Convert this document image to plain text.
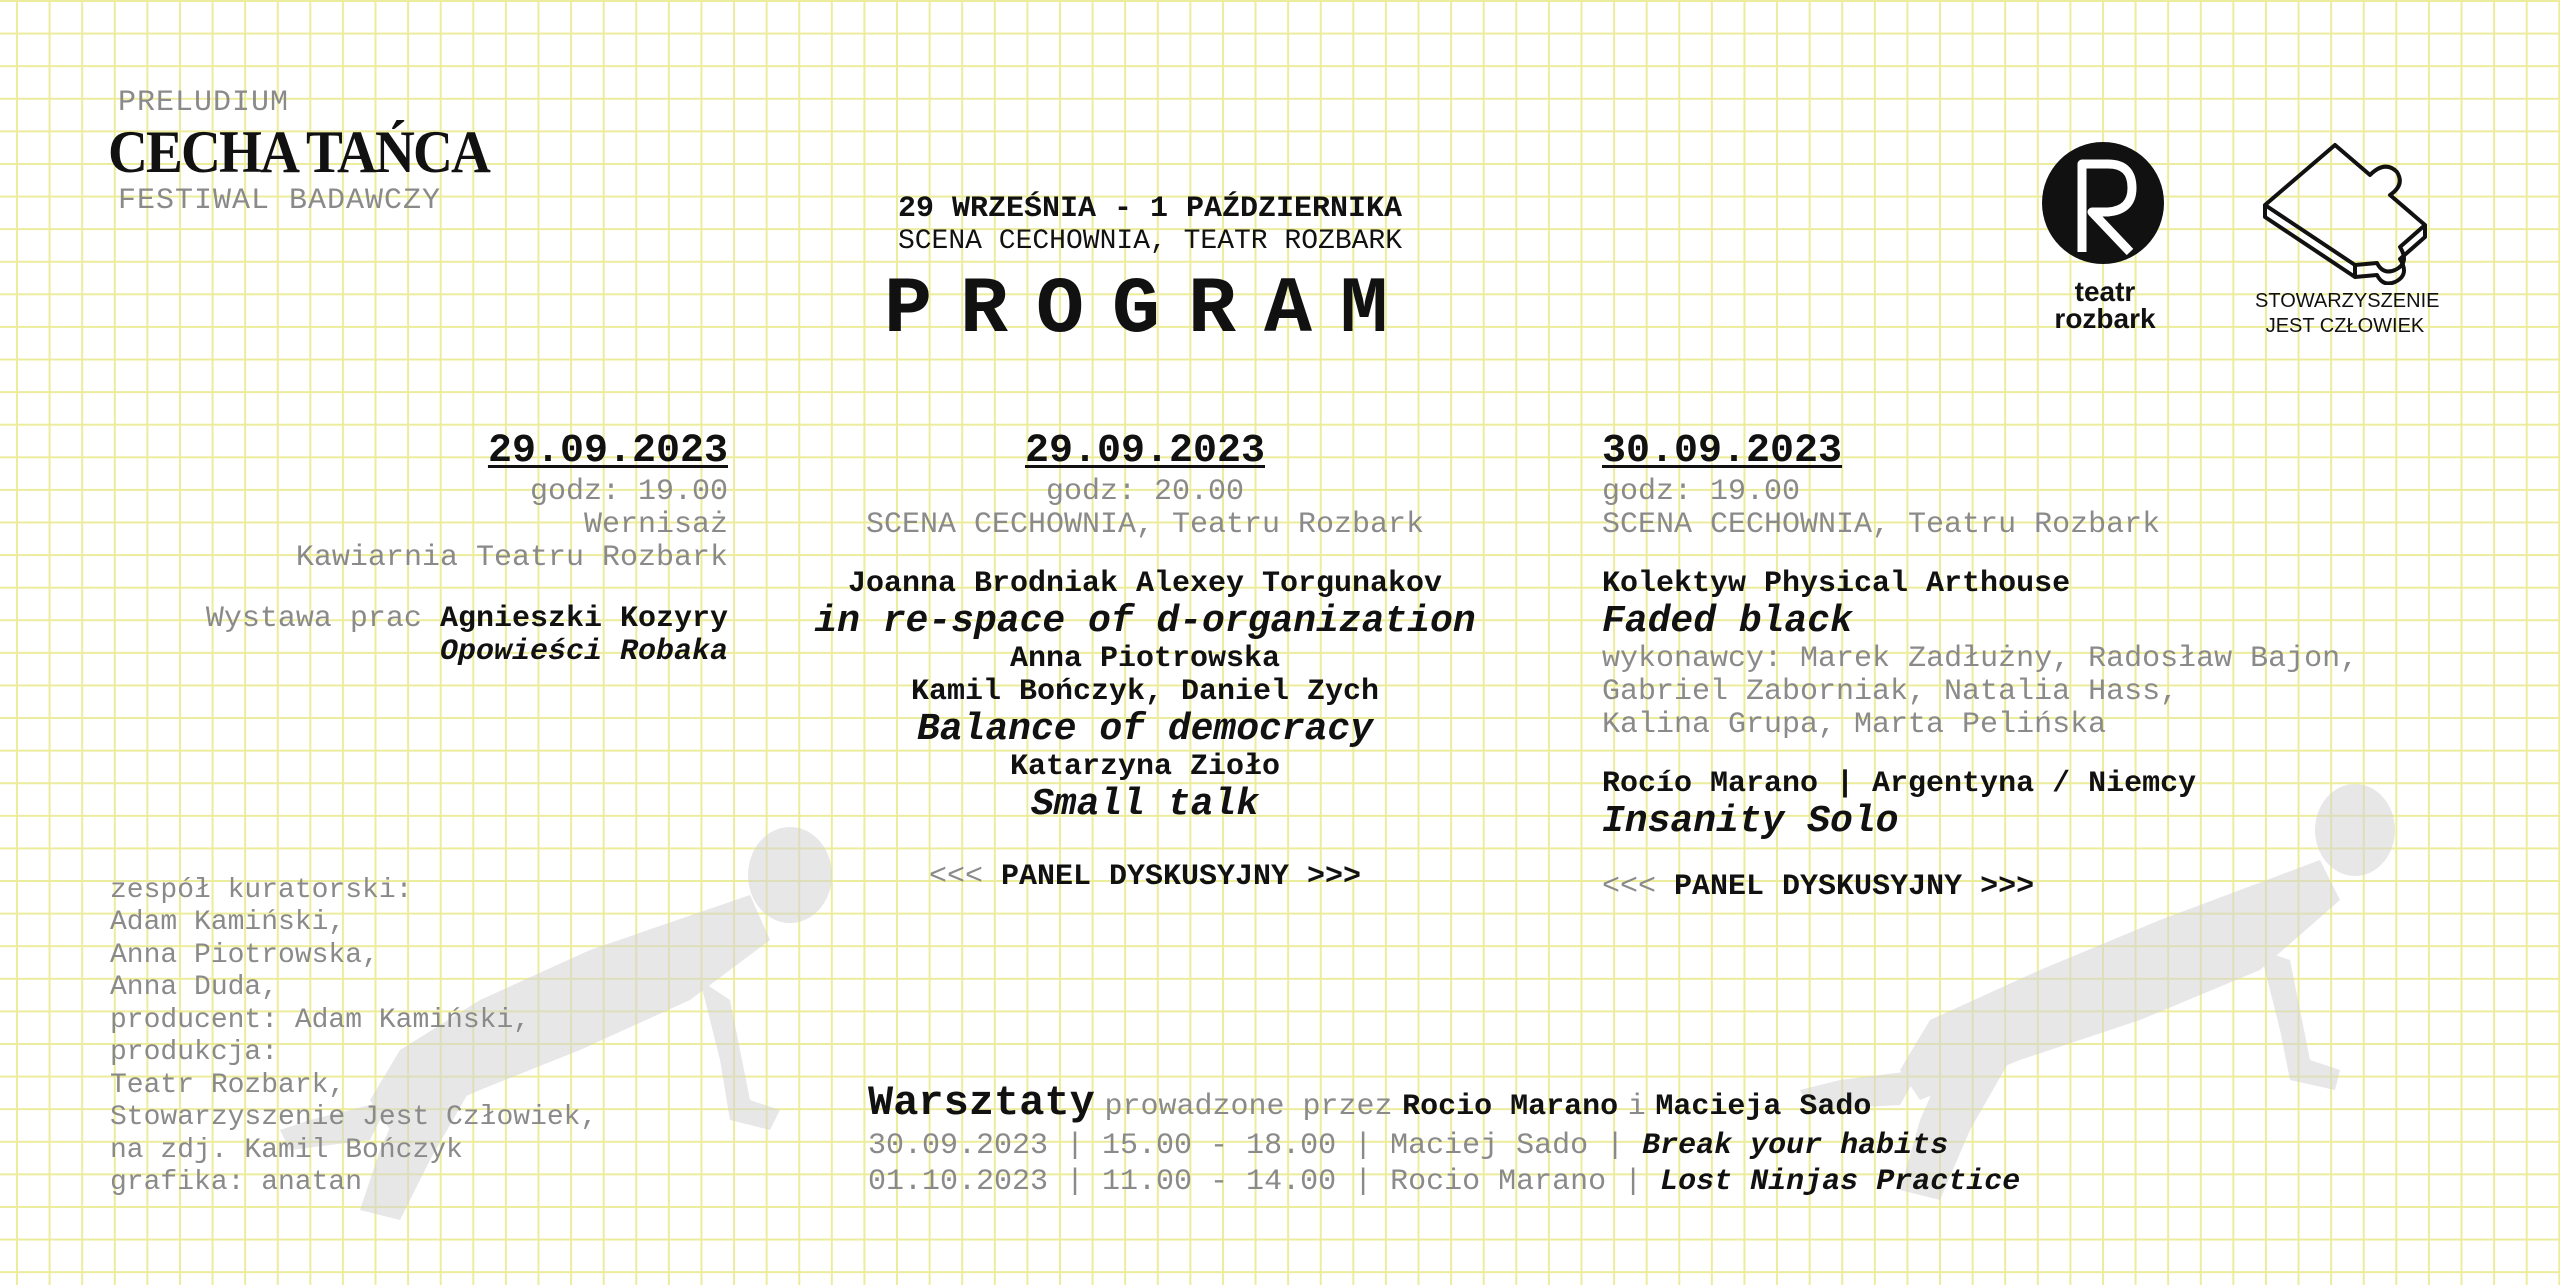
PRELUDIUM
CECHA TAŃCA
FESTIWAL BADAWCZY	29 WRZEŚNIA - 1 PAŹDZIERNIKA
SCENA CECHOWNIA, TEATR ROZBARK
PROGRAM	teatr
rozbark
STOWARZYSZENIE
JEST CZŁOWIEK
29.09.2023
godz: 19.00
Wernisaż
Kawiarnia Teatru Rozbark
Wystawa prac Agnieszki Kozyry
Opowieści Robaka
29.09.2023
godz: 20.00
SCENA CECHOWNIA, Teatru Rozbark
Joanna Brodniak Alexey Torgunakov
in re-space of d-organization
Anna Piotrowska
Kamil Bończyk, Daniel Zych
Balance of democracy
Katarzyna Zioło
Small talk
<<< PANEL DYSKUSYJNY >>>
30.09.2023
godz: 19.00
SCENA CECHOWNIA, Teatru Rozbark
Kolektyw Physical Arthouse
Faded black
wykonawcy: Marek Zadłużny, Radosław Bajon,
Gabriel Zaborniak, Natalia Hass,
Kalina Grupa, Marta Pelińska
Rocío Marano | Argentyna / Niemcy
Insanity Solo
<<< PANEL DYSKUSYJNY >>>
zespół kuratorski:
Adam Kamiński,
Anna Piotrowska,
Anna Duda,
producent: Adam Kamiński,
produkcja:
Teatr Rozbark,
Stowarzyszenie Jest Człowiek,
na zdj. Kamil Bończyk
grafika: anatan
Warsztaty prowadzone przez Rocio Marano i Macieja Sado
30.09.2023 | 15.00 - 18.00 | Maciej Sado | Break your habits
01.10.2023 | 11.00 - 14.00 | Rocio Marano | Lost Ninjas Practice
